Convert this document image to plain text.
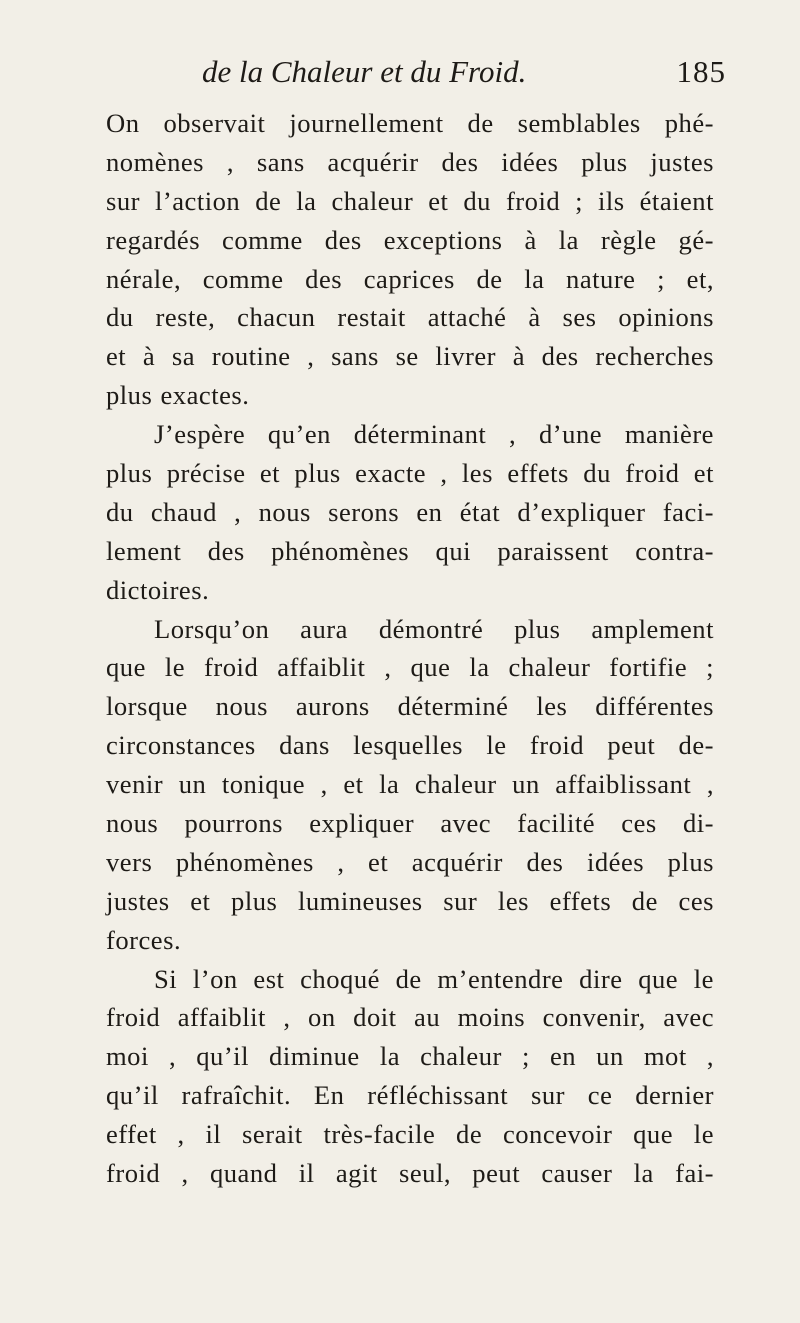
de la Chaleur et du Froid.	185
On observait journellement de semblables phé-
nomènes , sans acquérir des idées plus justes
sur l’action de la chaleur et du froid ; ils étaient
regardés comme des exceptions à la règle gé-
nérale, comme des caprices de la nature ; et,
du reste, chacun restait attaché à ses opinions
et à sa routine , sans se livrer à des recherches
plus exactes.
J’espère qu’en déterminant , d’une manière
plus précise et plus exacte , les effets du froid et
du chaud , nous serons en état d’expliquer faci-
lement des phénomènes qui paraissent contra-
dictoires.
Lorsqu’on aura démontré plus amplement
que le froid affaiblit , que la chaleur fortifie ;
lorsque nous aurons déterminé les différentes
circonstances dans lesquelles le froid peut de-
venir un tonique , et la chaleur un affaiblissant ,
nous pourrons expliquer avec facilité ces di-
vers phénomènes , et acquérir des idées plus
justes et plus lumineuses sur les effets de ces
forces.
Si l’on est choqué de m’entendre dire que le
froid affaiblit , on doit au moins convenir, avec
moi , qu’il diminue la chaleur ; en un mot ,
qu’il rafraîchit. En réfléchissant sur ce dernier
effet , il serait très-facile de concevoir que le
froid , quand il agit seul, peut causer la fai-
